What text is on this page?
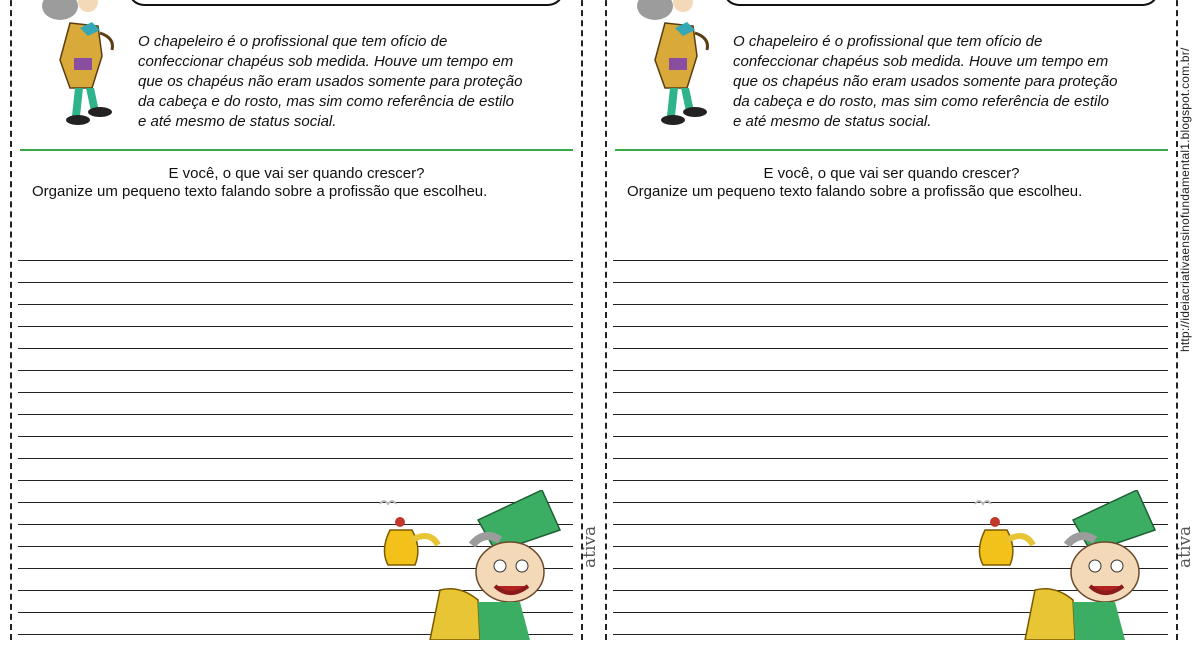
O chapeleiro é o profissional que tem ofício de
confeccionar chapéus sob medida. Houve um tempo em
que os chapéus não eram usados somente para proteção
da cabeça e do rosto, mas sim como referência de estilo
e até mesmo de status social.

E você, o que vai ser quando crescer?
Organize um pequeno texto falando sobre a profissão que escolheu.

ativa
O chapeleiro é o profissional que tem ofício de
confeccionar chapéus sob medida. Houve um tempo em
que os chapéus não eram usados somente para proteção
da cabeça e do rosto, mas sim como referência de estilo
e até mesmo de status social.

E você, o que vai ser quando crescer?
Organize um pequeno texto falando sobre a profissão que escolheu.

ativa
http://ideiacriativaensinofundamental1.blogspot.com.br/
